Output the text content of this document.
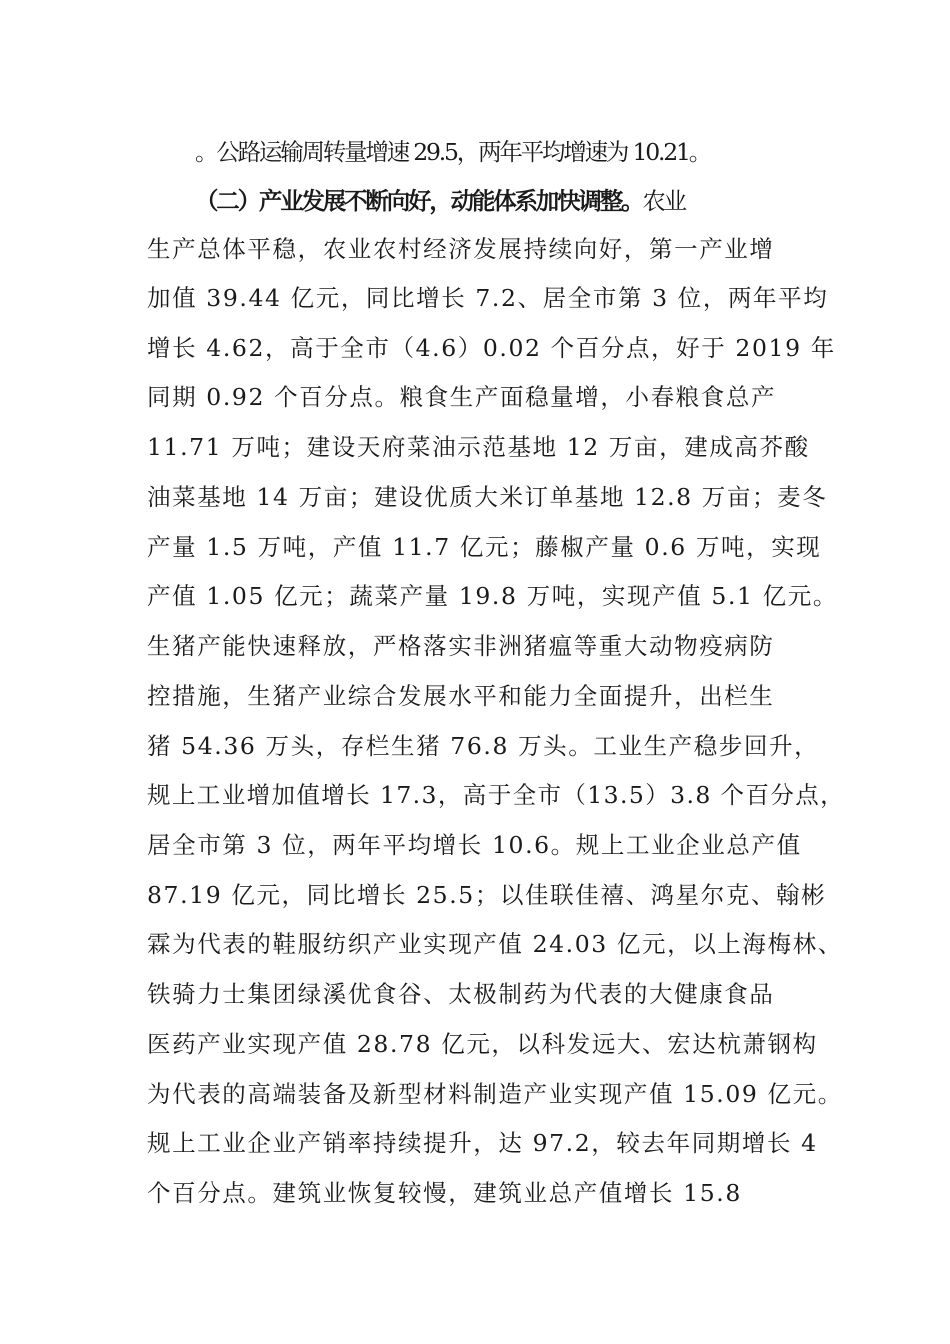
。公路运输周转量增速 29.5，两年平均增速为 10.21。
（二）产业发展不断向好，动能体系加快调整。农业
生产总体平稳，农业农村经济发展持续向好，第一产业增
加值 39.44 亿元，同比增长 7.2、居全市第 3 位，两年平均
增长 4.62，高于全市（4.6）0.02 个百分点，好于 2019 年
同期 0.92 个百分点。粮食生产面稳量增，小春粮食总产
11.71 万吨；建设天府菜油示范基地 12 万亩，建成高芥酸
油菜基地 14 万亩；建设优质大米订单基地 12.8 万亩；麦冬
产量 1.5 万吨，产值 11.7 亿元；藤椒产量 0.6 万吨，实现
产值 1.05 亿元；蔬菜产量 19.8 万吨，实现产值 5.1 亿元。
生猪产能快速释放，严格落实非洲猪瘟等重大动物疫病防
控措施，生猪产业综合发展水平和能力全面提升，出栏生
猪 54.36 万头，存栏生猪 76.8 万头。工业生产稳步回升，
规上工业增加值增长 17.3，高于全市（13.5）3.8 个百分点，
居全市第 3 位，两年平均增长 10.6。规上工业企业总产值
87.19 亿元，同比增长 25.5；以佳联佳禧、鸿星尔克、翰彬
霖为代表的鞋服纺织产业实现产值 24.03 亿元，以上海梅林、
铁骑力士集团绿溪优食谷、太极制药为代表的大健康食品
医药产业实现产值 28.78 亿元，以科发远大、宏达杭萧钢构
为代表的高端装备及新型材料制造产业实现产值 15.09 亿元。
规上工业企业产销率持续提升，达 97.2，较去年同期增长 4
个百分点。建筑业恢复较慢，建筑业总产值增长 15.8
